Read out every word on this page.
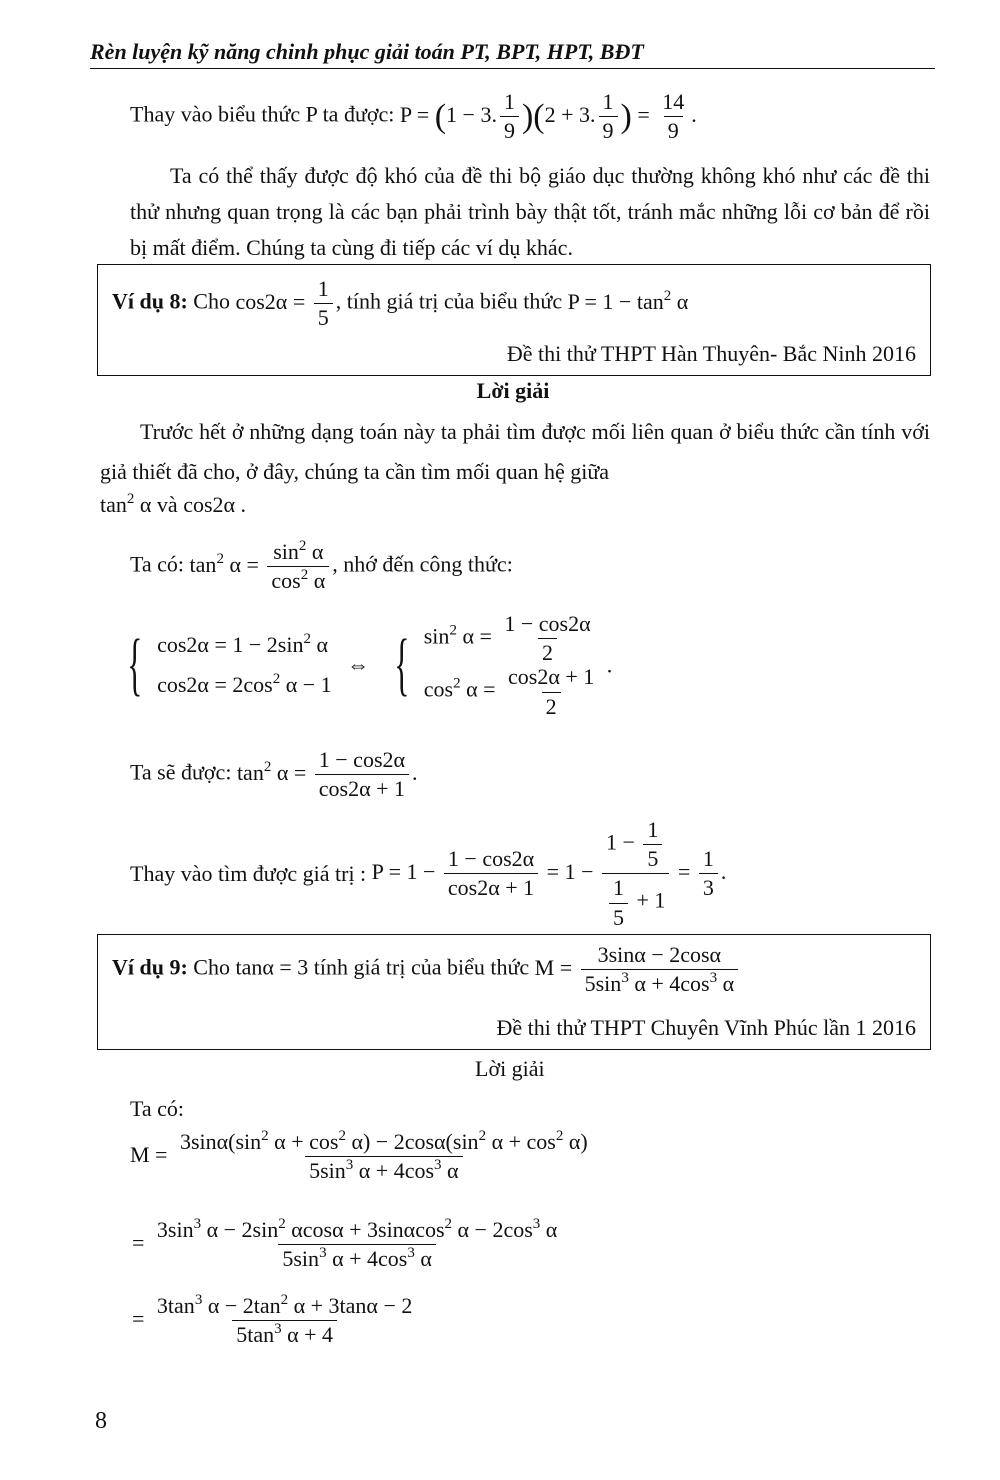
Rèn luyện kỹ năng chinh phục giải toán PT, BPT, HPT, BĐT
Thay vào biểu thức P ta được: P = (1 − 3. $\frac{1}{9} )(2 + 3$. $\frac{1}{9}$ ) = $\frac{14}{9}$ .
Ta có thể thấy được độ khó của đề thi bộ giáo dục thường không khó như các đề thi thử nhưng quan trọng là các bạn phải trình bày thật tốt, tránh mắc những lỗi cơ bản để rồi bị mất điểm. Chúng ta cùng đi tiếp các ví dụ khác.
Ví dụ 8: Cho $\cos 2\alpha = \frac{1}{5}$ , tính giá trị của biểu thức $P = 1 - \tan^2 \alpha$
Đề thi thử THPT Hàn Thuyên- Bắc Ninh 2016
Lời giải
Trước hết ở những dạng toán này ta phải tìm được mối liên quan ở biểu thức cần tính với giả thiết đã cho, ở đây, chúng ta cần tìm mối quan hệ giữa
$\tan^2 \alpha$ và cos2α .
Ta có: $\tan^2 \alpha = \frac{\sin^2 \alpha}{\cos^2 \alpha}$ , nhớ đến công thức:
{ $\cos 2\alpha = 1 - 2\sin^2$ α
$\cos 2\alpha = 2\cos^2$ α − 1
⇔ { $\sin^2 \alpha = \frac{1 - \cos 2\alpha}{2}$
$\cos^2 \alpha = \frac{\cos 2\alpha + 1}{2}$
.
Ta sẽ được: $\tan^2 \alpha = \frac{1 - \cos 2\alpha}{\cos 2\alpha + 1}$ .
Thay vào tìm được giá trị : $P = 1 - \frac{1 - \cos 2\alpha}{\cos 2\alpha + 1} = 1 - \frac{1 - \frac{1}{5}}{\frac{1}{5} + 1} = \frac{1}{3}$ .
Ví dụ 9: Cho tanα = 3 tính giá trị của biểu thức $M = \frac{3\sin\alpha - 2\cos\alpha}{5\sin^3 \alpha + 4\cos^3 \alpha}$
Đề thi thử THPT Chuyên Vĩnh Phúc lần 1 2016
Lời giải
Ta có:
$M = \frac{3\sin\alpha(\sin^2 \alpha + \cos^2 \alpha) - 2\cos\alpha(\sin^2 \alpha + \cos^2 \alpha)}{5\sin^3 \alpha + 4\cos^3 \alpha}$
= $\frac{3\sin^3 \alpha - 2\sin^2 \alpha\cos\alpha + 3\sin\alpha\cos^2 \alpha - 2\cos^3 \alpha}{5\sin^3 \alpha + 4\cos^3 \alpha}$
= $\frac{3\tan^3 \alpha - 2\tan^2 \alpha + 3\tan\alpha - 2}{5\tan^3 \alpha + 4}$
8
